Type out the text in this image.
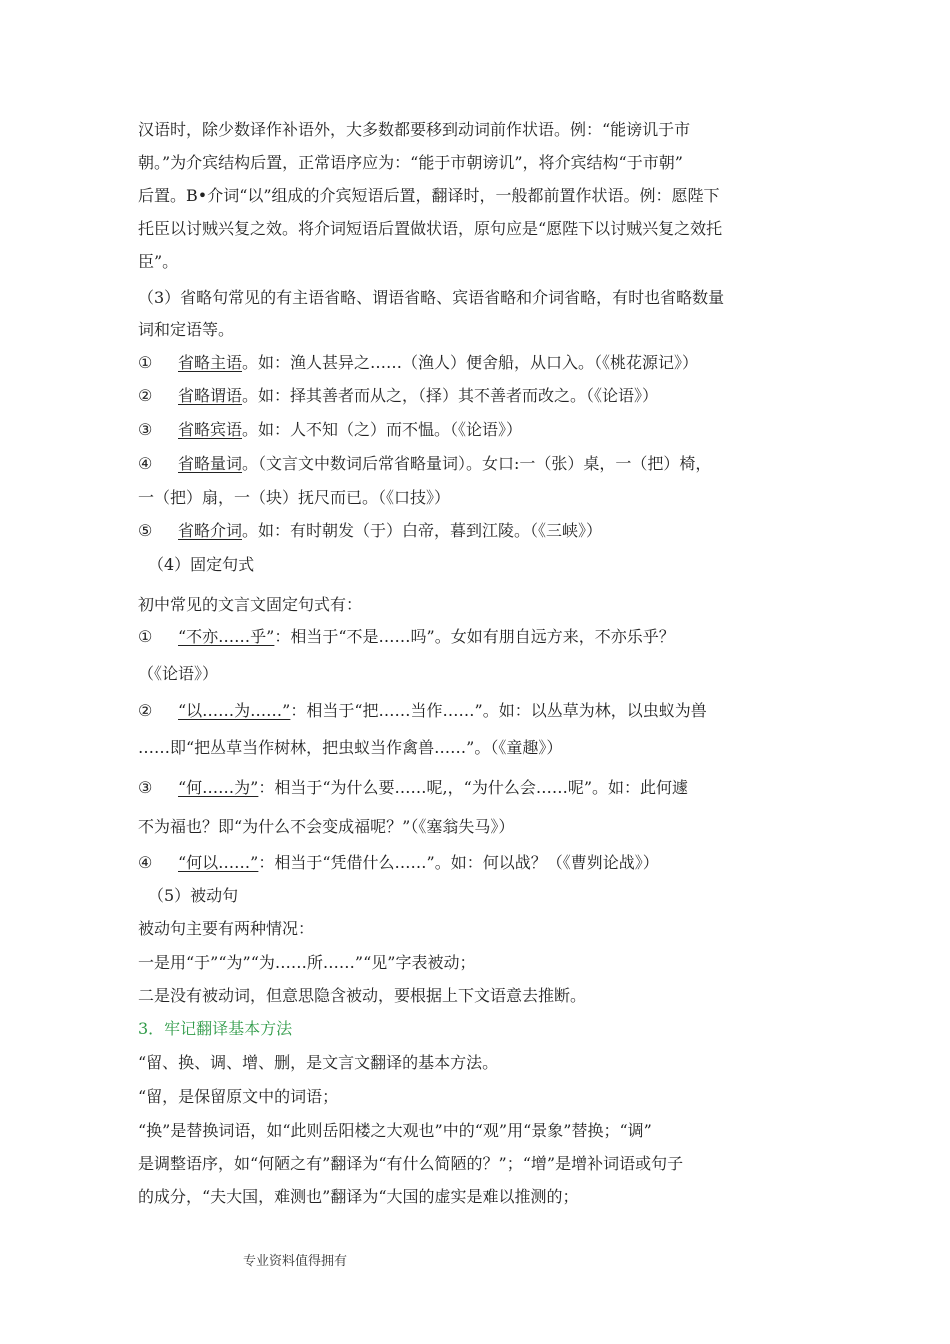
汉语时，除少数译作补语外，大多数都要移到动词前作状语。例：“能谤讥于市
朝。”为介宾结构后置，正常语序应为：“能于市朝谤讥”，将介宾结构“于市朝”
后置。B•介词“以”组成的介宾短语后置，翻译时，一般都前置作状语。例：愿陛下
托臣以讨贼兴复之效。将介词短语后置做状语，原句应是“愿陛下以讨贼兴复之效托
臣”。
（3）省略句常见的有主语省略、谓语省略、宾语省略和介词省略，有时也省略数量
词和定语等。
① 省略主语。如：渔人甚异之……（渔人）便舍船，从口入。（《桃花源记》）
② 省略谓语。如：择其善者而从之，（择）其不善者而改之。（《论语》）
③ 省略宾语。如：人不知（之）而不愠。（《论语》）
④ 省略量词。（文言文中数词后常省略量词）。女口:一（张）桌，一（把）椅，
一（把）扇，一（块）抚尺而已。（《口技》）
⑤ 省略介词。如：有时朝发（于）白帝，暮到江陵。（《三峡》）
（4）固定句式
初中常见的文言文固定句式有：
① “不亦……乎”：相当于“不是……吗”。女如有朋自远方来，不亦乐乎？
（《论语》）
② “以……为……”：相当于“把……当作……”。如：以丛草为林，以虫蚁为兽
……即“把丛草当作树林，把虫蚁当作禽兽……”。（《童趣》）
③ “何……为”：相当于“为什么要……呢,，“为什么会……呢”。如：此何遽
不为福也？即“为什么不会变成福呢？”（《塞翁失马》）
④ “何以……”：相当于“凭借什么……”。如：何以战？（《曹刿论战》）
（5）被动句
被动句主要有两种情况：
一是用“于”“为”“为……所……”“见”字表被动；
二是没有被动词，但意思隐含被动，要根据上下文语意去推断。
3．牢记翻译基本方法
“留、换、调、增、删，是文言文翻译的基本方法。
“留，是保留原文中的词语；
“换”是替换词语，如“此则岳阳楼之大观也”中的“观”用“景象”替换；“调”
是调整语序，如“何陋之有”翻译为“有什么简陋的？”；“增”是增补词语或句子
的成分，“夫大国，难测也”翻译为“大国的虚实是难以推测的；
专业资料值得拥有
